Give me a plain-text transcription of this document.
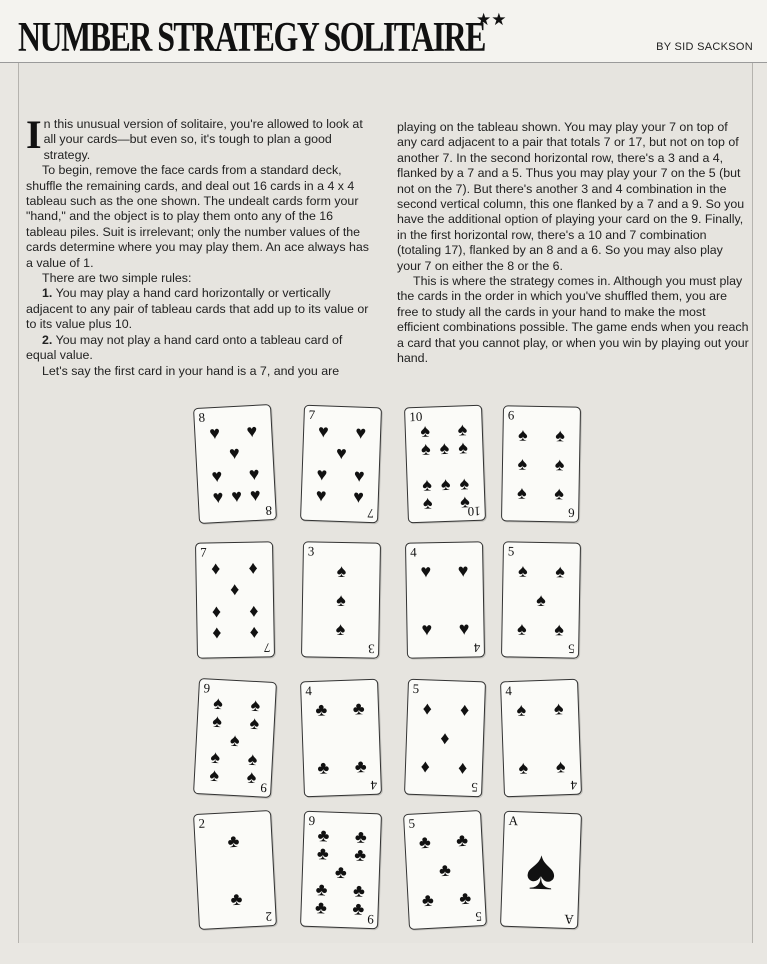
NUMBER STRATEGY SOLITAIRE
★★
BY SID SACKSON

In this unusual version of solitaire, you're allowed to look at all your cards—but even so, it's tough to plan a good strategy.

To begin, remove the face cards from a standard deck, shuffle the remaining cards, and deal out 16 cards in a 4 x 4 tableau such as the one shown. The undealt cards form your "hand," and the object is to play them onto any of the 16 tableau piles. Suit is irrelevant; only the number values of the cards determine where you may play them. An ace always has a value of 1.

There are two simple rules:

1. You may play a hand card horizontally or vertically adjacent to any pair of tableau cards that add up to its value or to its value plus 10.

2. You may not play a hand card onto a tableau card of equal value.

Let's say the first card in your hand is a 7, and you are

playing on the tableau shown. You may play your 7 on top of any card adjacent to a pair that totals 7 or 17, but not on top of another 7. In the second horizontal row, there's a 3 and a 4, flanked by a 7 and a 5. Thus you may play your 7 on the 5 (but not on the 7). But there's another 3 and 4 combination in the second vertical column, this one flanked by a 7 and a 9. So you have the additional option of playing your card on the 9. Finally, in the first horizontal row, there's a 10 and 7 combination (totaling 17), flanked by an 8 and a 6. So you may also play your 7 on either the 8 or the 6.

This is where the strategy comes in. Although you must play the cards in the order in which you've shuffled them, you are free to study all the cards in your hand to make the most efficient combinations possible. The game ends when you reach a card that you cannot play, or when you win by playing out your hand.

8
♥ ♥
♥
♥ ♥
♥ ♥ ♥
8
7
♥ ♥
♥
♥ ♥
♥ ♥
7
10
♠ ♠
♠ ♠ ♠
♠ ♠ ♠
♠ ♠
10
6
♠ ♠
♠ ♠
♠ ♠
6
7
♦ ♦
♦
♦ ♦
♦ ♦
7
3
♠
♠
♠
3
4
♥ ♥
♥ ♥
4
5
♠ ♠
♠
♠ ♠
5
9
♠ ♠
♠ ♠
♠
♠ ♠
♠ ♠
9
4
♣ ♣
♣ ♣
4
5
♦ ♦
♦
♦ ♦
5
4
♠ ♠
♠ ♠
4
2
♣
♣
2
9
♣ ♣
♣ ♣
♣
♣ ♣
♣ ♣
9
5
♣ ♣
♣
♣ ♣
5
A
♠
A
